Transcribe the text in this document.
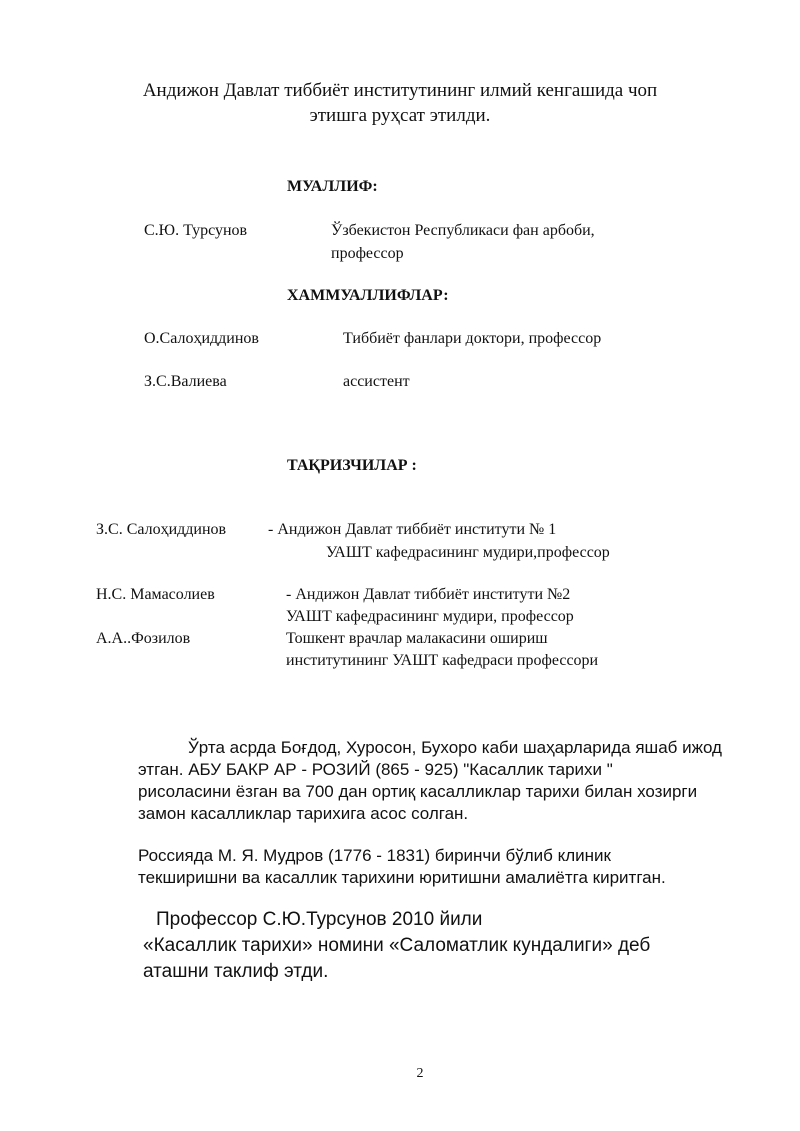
Андижон Давлат тиббиёт институтининг илмий кенгашида чоп
этишга руҳсат этилди.
МУАЛЛИФ:
С.Ю. Турсунов	Ўзбекистон Республикаси фан арбоби,
профессор
ХАММУАЛЛИФЛАР:
О.Салоҳиддинов	Тиббиёт фанлари доктори, профессор
З.С.Валиева	ассистент
ТАҚРИЗЧИЛАР :
З.С. Салоҳиддинов	- Андижон Давлат тиббиёт институти № 1
УАШТ кафедрасининг мудири,профессор
Н.С. Мамасолиев	- Андижон Давлат тиббиёт институти №2
УАШТ кафедрасининг мудири, профессор
А.А..Фозилов	Тошкент врачлар малакасини ошириш
институтининг УАШТ кафедраси профессори
Ўрта асрда Боғдод, Хуросон, Бухоро каби шаҳарларида яшаб ижод
этган. АБУ БАКР АР - РОЗИЙ (865 - 925) "Касаллик тарихи "
рисоласини ёзган ва 700 дан ортиқ касалликлар тарихи билан хозирги
замон касалликлар тарихига асос солган.
Россияда М. Я. Мудров (1776 - 1831) биринчи бўлиб клиник
текширишни ва касаллик тарихини юритишни амалиётга киритган.
Профессор С.Ю.Турсунов 2010 йили
«Касаллик тарихи» номини «Саломатлик кундалиги» деб
аташни таклиф этди.
2
